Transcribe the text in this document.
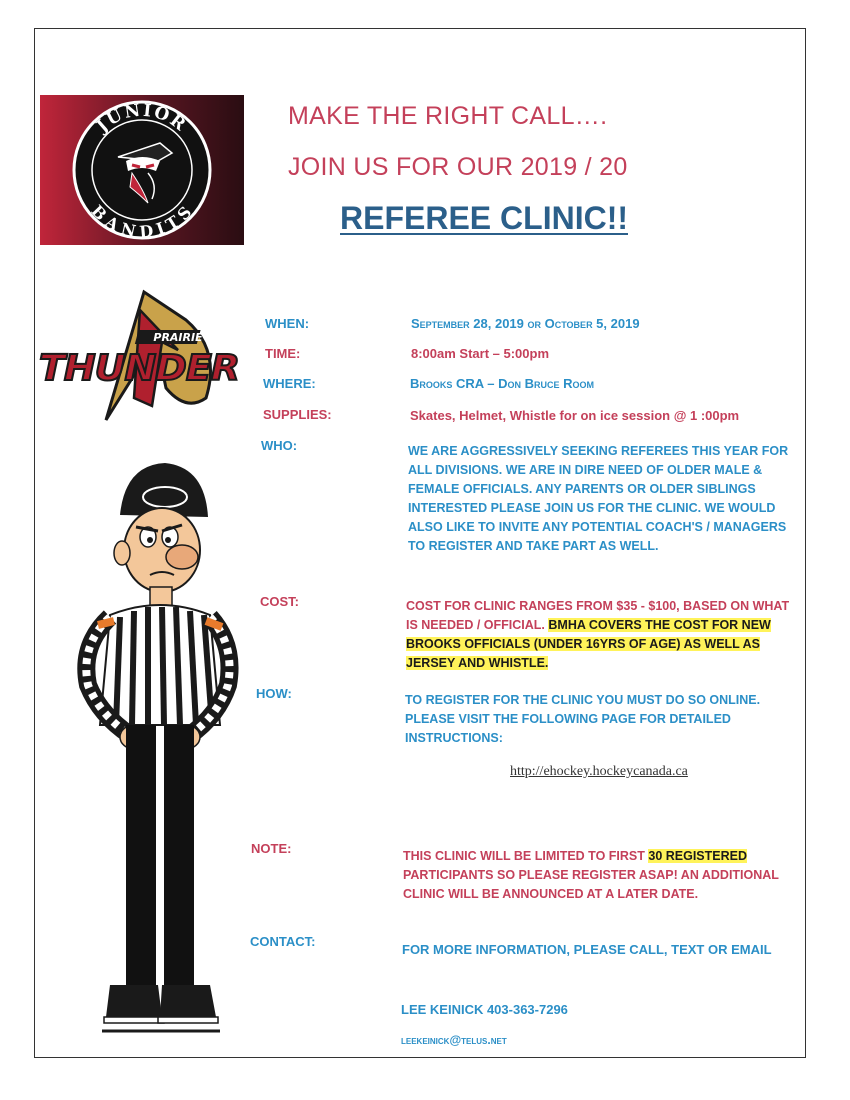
JUNIOR
BANDITS
MAKE THE RIGHT CALL….
JOIN US FOR OUR 2019 / 20
REFEREE CLINIC!!
PRAIRIE
THUNDER
WHEN:	September 28, 2019 or October 5, 2019
TIME:	8:00am Start – 5:00pm
WHERE:	Brooks CRA – Don Bruce Room
SUPPLIES:	Skates, Helmet, Whistle for on ice session @ 1 :00pm
WHO:	WE ARE AGGRESSIVELY SEEKING REFEREES THIS YEAR FOR ALL DIVISIONS. WE ARE IN DIRE NEED OF OLDER MALE & FEMALE OFFICIALS. ANY PARENTS OR OLDER SIBLINGS INTERESTED PLEASE JOIN US FOR THE CLINIC. WE WOULD ALSO LIKE TO INVITE ANY POTENTIAL COACH'S / MANAGERS TO REGISTER AND TAKE PART AS WELL.
COST:	COST FOR CLINIC RANGES FROM $35 - $100, BASED ON WHAT IS NEEDED / OFFICIAL. BMHA COVERS THE COST FOR NEW BROOKS OFFICIALS (UNDER 16YRS OF AGE) AS WELL AS JERSEY AND WHISTLE.
HOW:	TO REGISTER FOR THE CLINIC YOU MUST DO SO ONLINE. PLEASE VISIT THE FOLLOWING PAGE FOR DETAILED INSTRUCTIONS:
http://ehockey.hockeycanada.ca
NOTE:	THIS CLINIC WILL BE LIMITED TO FIRST 30 REGISTERED PARTICIPANTS SO PLEASE REGISTER ASAP! AN ADDITIONAL CLINIC WILL BE ANNOUNCED AT A LATER DATE.
CONTACT:
FOR MORE INFORMATION, PLEASE CALL, TEXT OR EMAIL
LEE KEINICK 403-363-7296
leekeinick@telus.net
